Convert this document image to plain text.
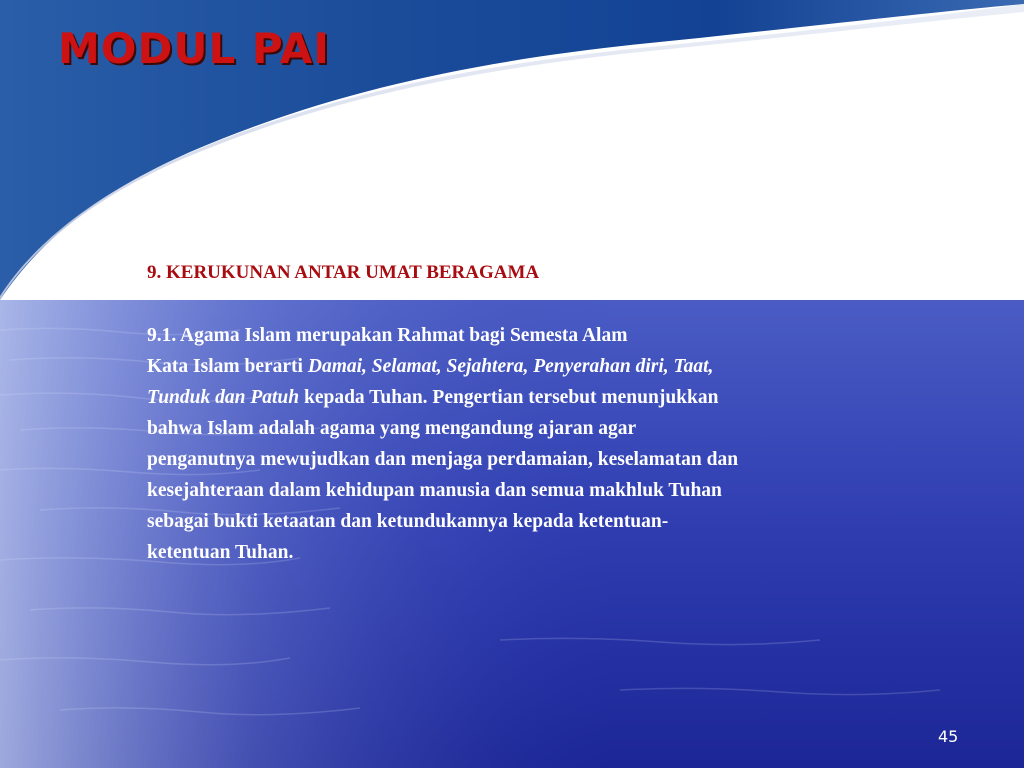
MODUL PAI
9. KERUKUNAN ANTAR UMAT BERAGAMA
9.1. Agama Islam merupakan Rahmat bagi Semesta Alam
Kata Islam berarti Damai, Selamat, Sejahtera, Penyerahan diri, Taat,
Tunduk dan Patuh kepada Tuhan. Pengertian tersebut menunjukkan
bahwa Islam adalah agama yang mengandung ajaran agar
penganutnya mewujudkan dan menjaga perdamaian, keselamatan dan
kesejahteraan dalam kehidupan manusia dan semua makhluk Tuhan
sebagai bukti ketaatan dan ketundukannya kepada ketentuan-
ketentuan Tuhan.
45
